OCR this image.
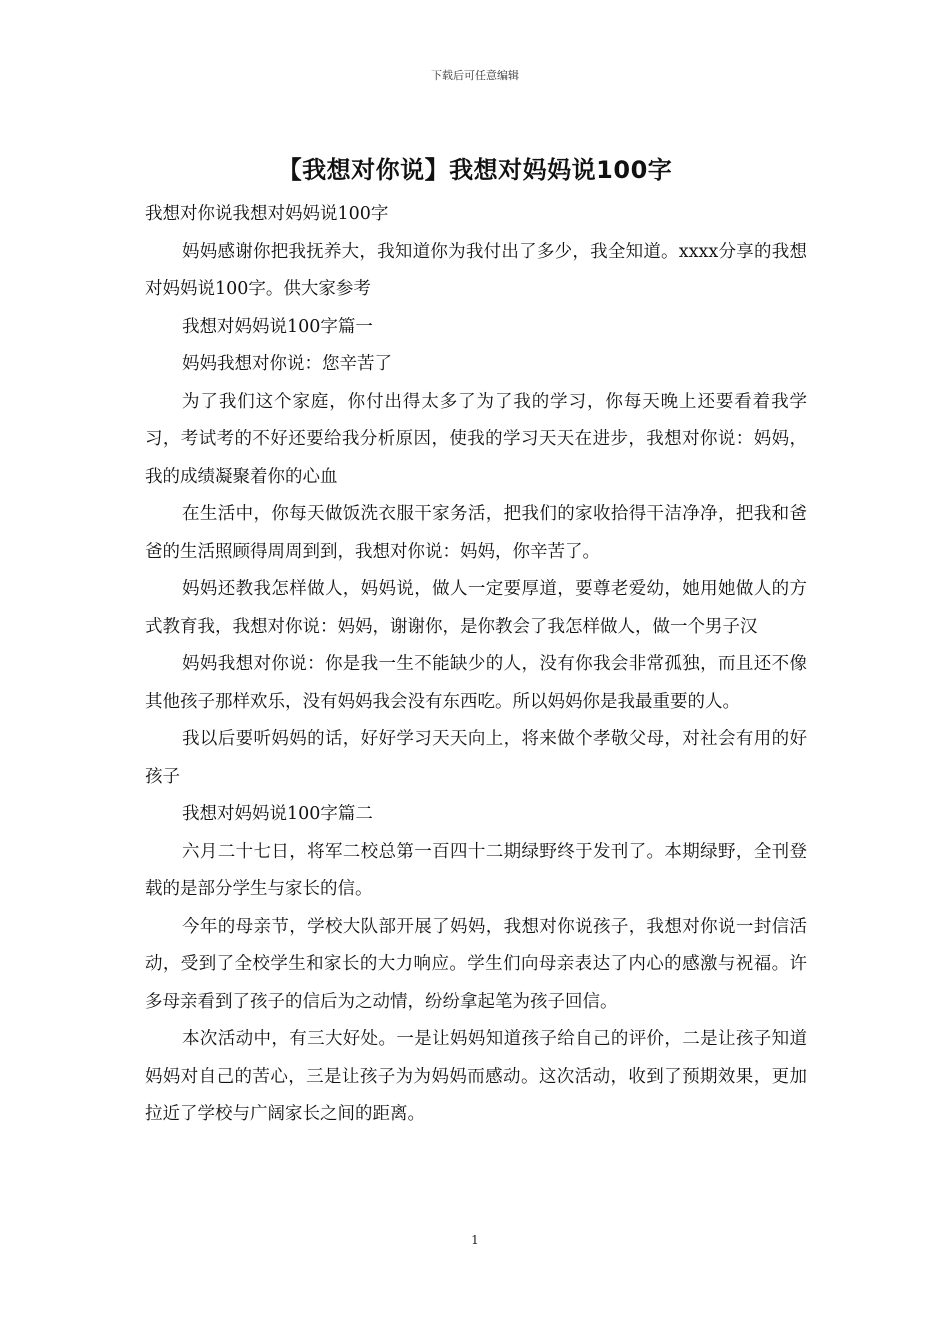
下载后可任意编辑
【我想对你说】我想对妈妈说100字

我想对你说我想对妈妈说100字

妈妈感谢你把我抚养大，我知道你为我付出了多少，我全知道。xxxx分享的我想对妈妈说100字。供大家参考

我想对妈妈说100字篇一

妈妈我想对你说：您辛苦了

为了我们这个家庭，你付出得太多了为了我的学习，你每天晚上还要看着我学习，考试考的不好还要给我分析原因，使我的学习天天在进步，我想对你说：妈妈，我的成绩凝聚着你的心血

在生活中，你每天做饭洗衣服干家务活，把我们的家收拾得干洁净净，把我和爸爸的生活照顾得周周到到，我想对你说：妈妈，你辛苦了。

妈妈还教我怎样做人，妈妈说，做人一定要厚道，要尊老爱幼，她用她做人的方式教育我，我想对你说：妈妈，谢谢你，是你教会了我怎样做人，做一个男子汉

妈妈我想对你说：你是我一生不能缺少的人，没有你我会非常孤独，而且还不像其他孩子那样欢乐，没有妈妈我会没有东西吃。所以妈妈你是我最重要的人。

我以后要听妈妈的话，好好学习天天向上，将来做个孝敬父母，对社会有用的好孩子

我想对妈妈说100字篇二

六月二十七日，将军二校总第一百四十二期绿野终于发刊了。本期绿野，全刊登载的是部分学生与家长的信。

今年的母亲节，学校大队部开展了妈妈，我想对你说孩子，我想对你说一封信活动，受到了全校学生和家长的大力响应。学生们向母亲表达了内心的感激与祝福。许多母亲看到了孩子的信后为之动情，纷纷拿起笔为孩子回信。

本次活动中，有三大好处。一是让妈妈知道孩子给自己的评价，二是让孩子知道妈妈对自己的苦心，三是让孩子为为妈妈而感动。这次活动，收到了预期效果，更加拉近了学校与广阔家长之间的距离。

1
